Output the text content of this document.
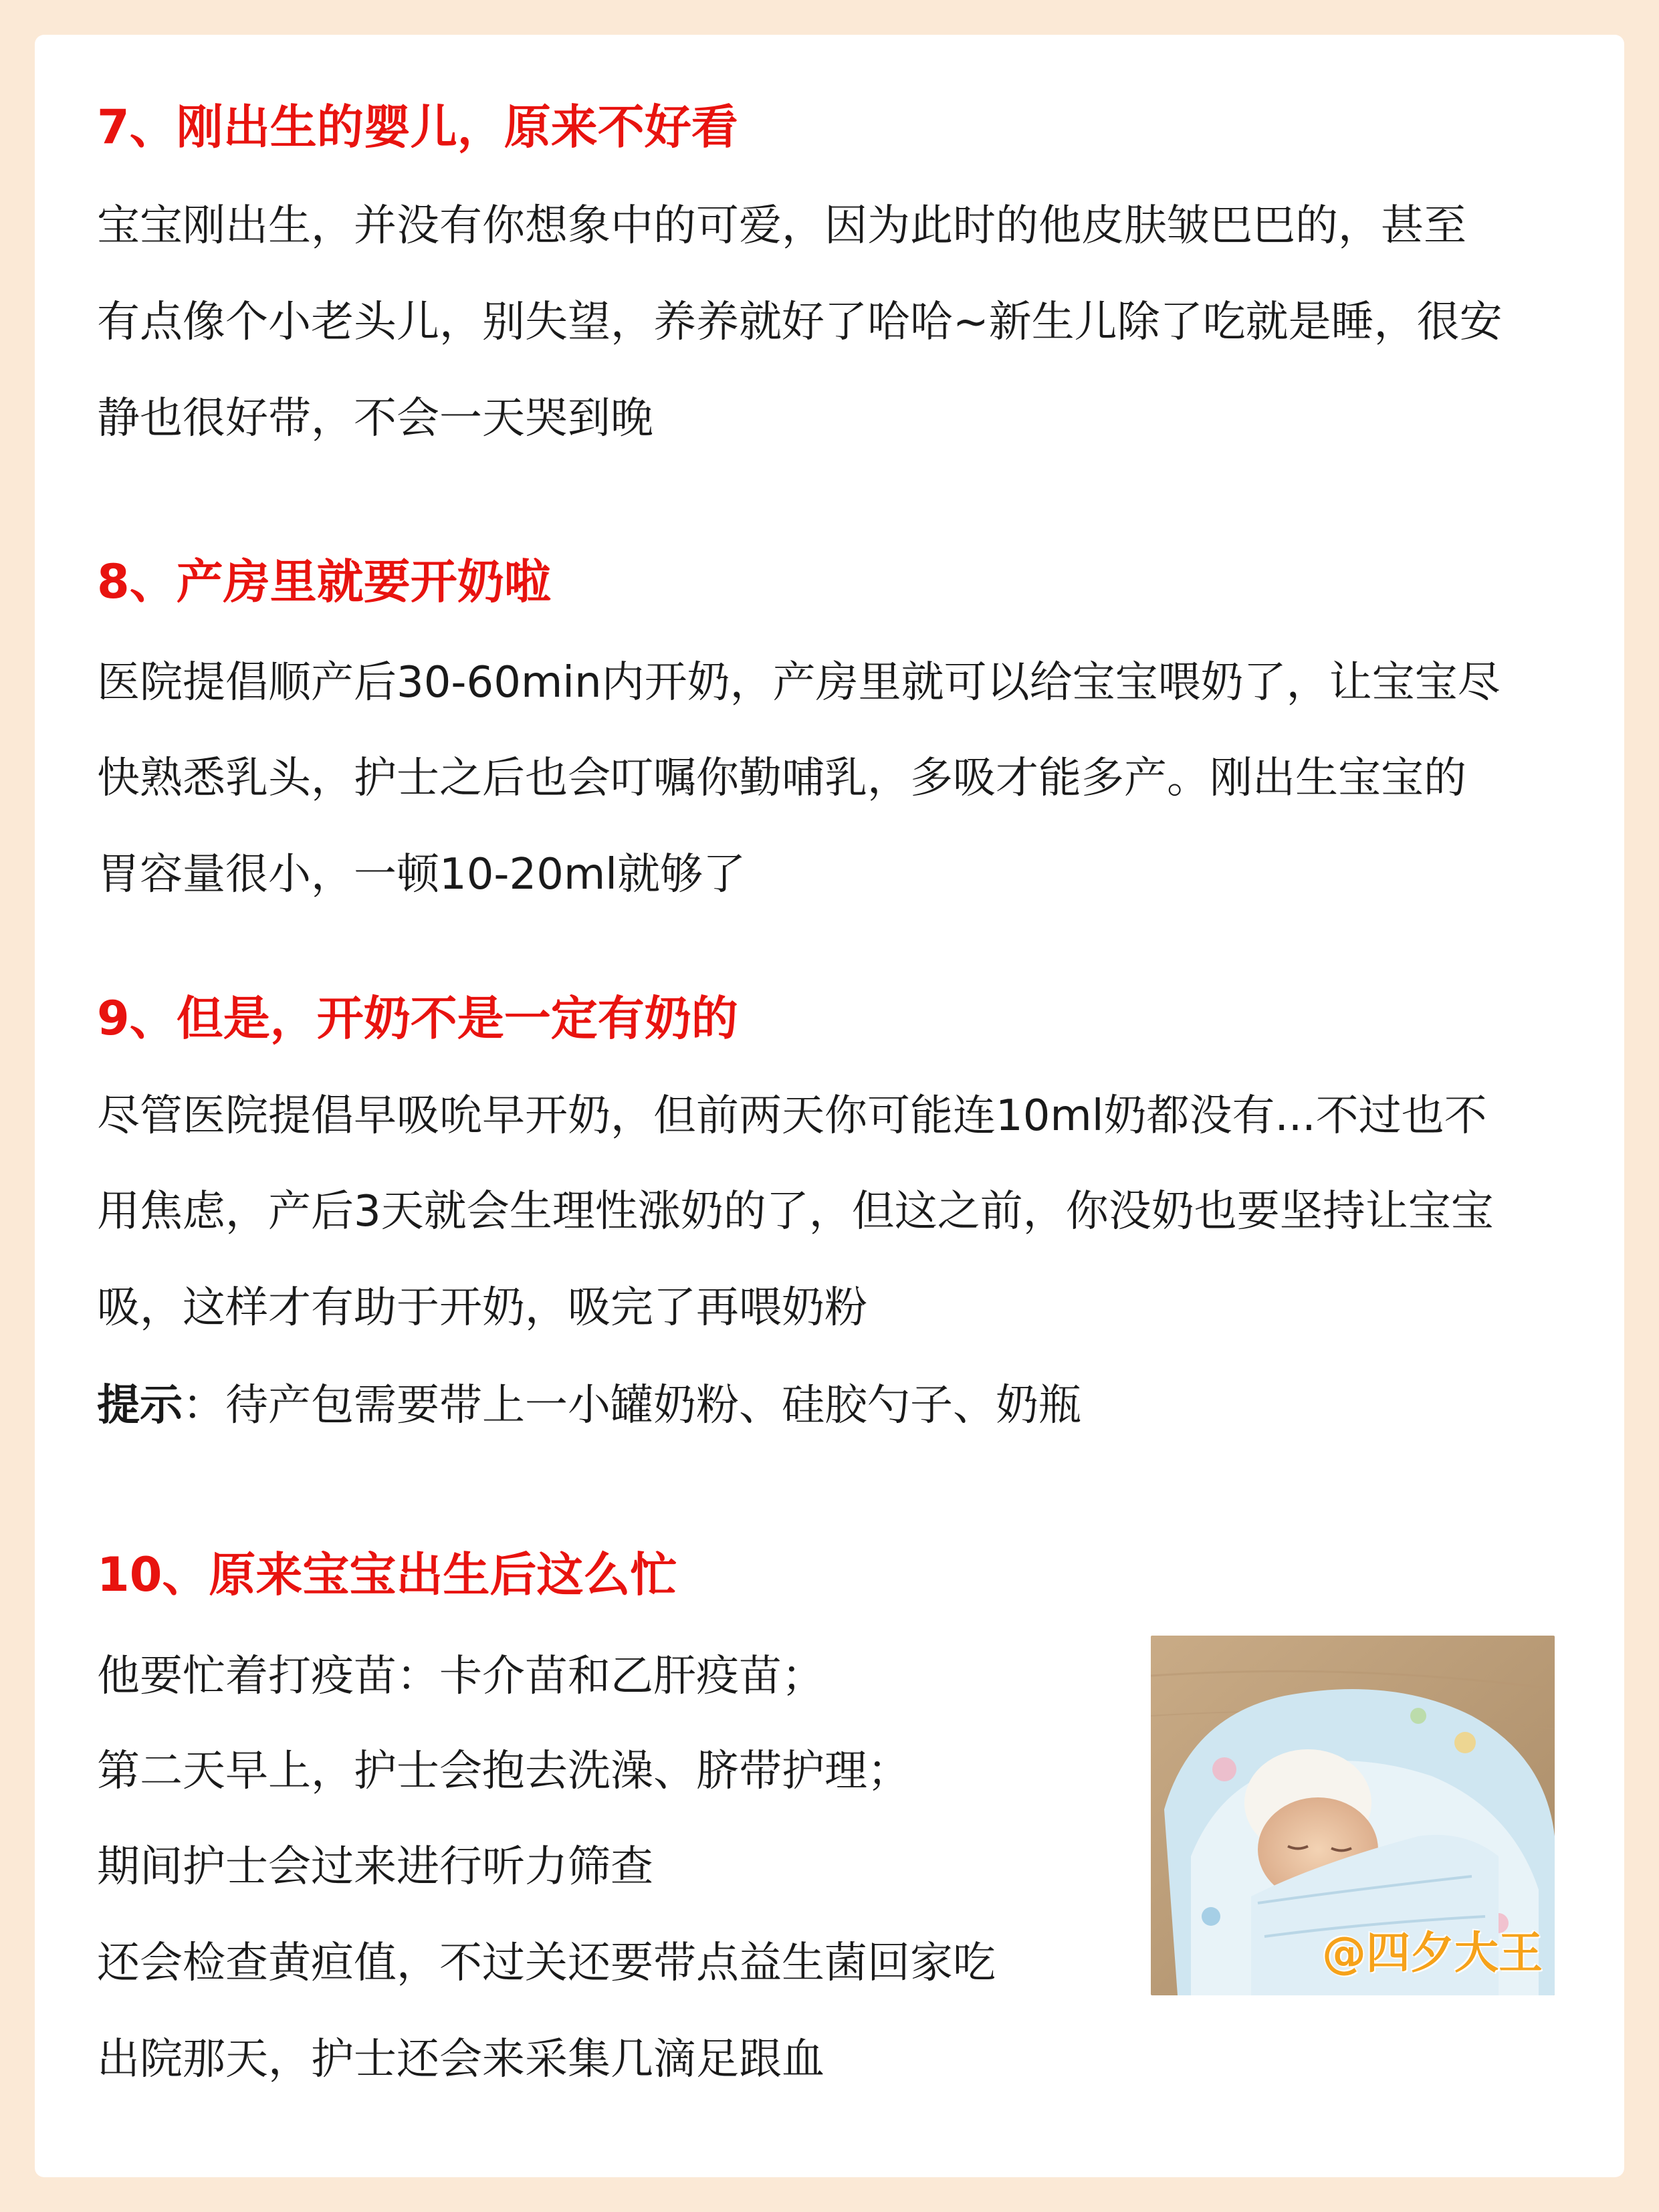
7、刚出生的婴儿，原来不好看
宝宝刚出生，并没有你想象中的可爱，因为此时的他皮肤皱巴巴的，甚至
有点像个小老头儿，别失望，养养就好了哈哈~新生儿除了吃就是睡，很安
静也很好带，不会一天哭到晚
8、产房里就要开奶啦
医院提倡顺产后30-60min内开奶，产房里就可以给宝宝喂奶了，让宝宝尽
快熟悉乳头，护士之后也会叮嘱你勤哺乳，多吸才能多产。刚出生宝宝的
胃容量很小，一顿10-20ml就够了
9、但是，开奶不是一定有奶的
尽管医院提倡早吸吮早开奶，但前两天你可能连10ml奶都没有...不过也不
用焦虑，产后3天就会生理性涨奶的了，但这之前，你没奶也要坚持让宝宝
吸，这样才有助于开奶，吸完了再喂奶粉
提示：待产包需要带上一小罐奶粉、硅胶勺子、奶瓶
10、原来宝宝出生后这么忙
他要忙着打疫苗：卡介苗和乙肝疫苗；
第二天早上，护士会抱去洗澡、脐带护理；
期间护士会过来进行听力筛查
还会检查黄疸值，不过关还要带点益生菌回家吃
出院那天，护士还会来采集几滴足跟血
@四夕大王
